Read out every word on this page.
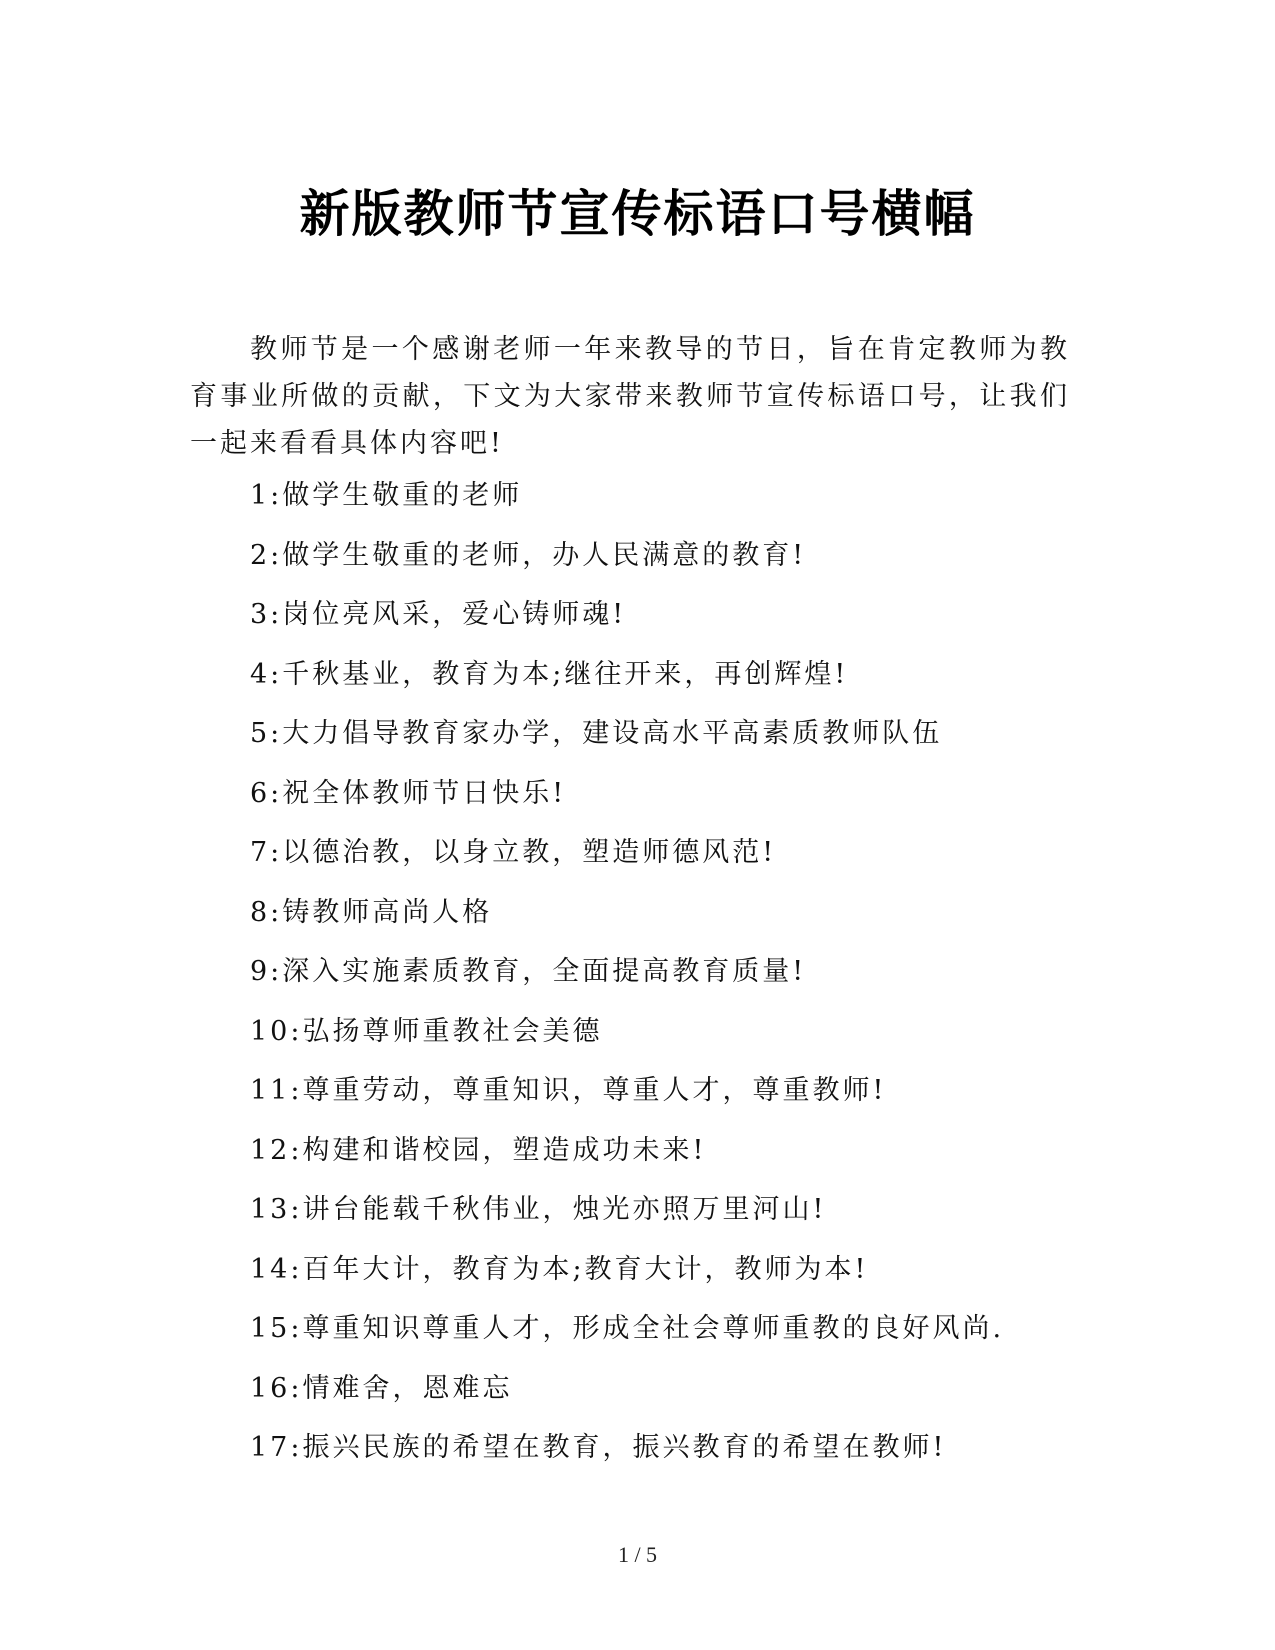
新版教师节宣传标语口号横幅

教师节是一个感谢老师一年来教导的节日，旨在肯定教师为教育事业所做的贡献，下文为大家带来教师节宣传标语口号，让我们一起来看看具体内容吧!

1:做学生敬重的老师
2:做学生敬重的老师，办人民满意的教育!
3:岗位亮风采，爱心铸师魂!
4:千秋基业，教育为本;继往开来，再创辉煌!
5:大力倡导教育家办学，建设高水平高素质教师队伍
6:祝全体教师节日快乐!
7:以德治教，以身立教，塑造师德风范!
8:铸教师高尚人格
9:深入实施素质教育，全面提高教育质量!
10:弘扬尊师重教社会美德
11:尊重劳动，尊重知识，尊重人才，尊重教师!
12:构建和谐校园，塑造成功未来!
13:讲台能载千秋伟业，烛光亦照万里河山!
14:百年大计，教育为本;教育大计，教师为本!
15:尊重知识尊重人才，形成全社会尊师重教的良好风尚.
16:情难舍，恩难忘
17:振兴民族的希望在教育，振兴教育的希望在教师!
1 / 5
